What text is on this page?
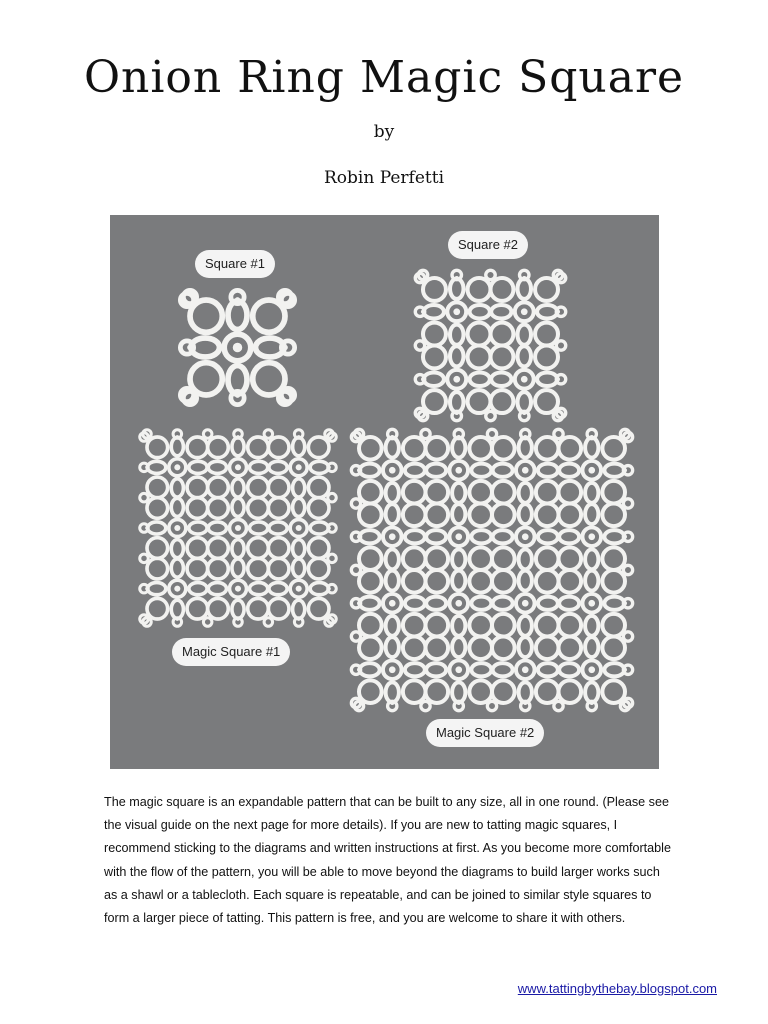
Onion Ring Magic Square
by
Robin Perfetti
Square #1
Square #2
Magic Square #1
Magic Square #2

The magic square is an expandable pattern that can be built to any size, all in one round. (Please see the visual guide on the next page for more details). If you are new to tatting magic squares, I recommend sticking to the diagrams and written instructions at first. As you become more comfortable with the flow of the pattern, you will be able to move beyond the diagrams to build larger works such as a shawl or a tablecloth. Each square is repeatable, and can be joined to similar style squares to form a larger piece of tatting. This pattern is free, and you are welcome to share it with others.

www.tattingbythebay.blogspot.com
